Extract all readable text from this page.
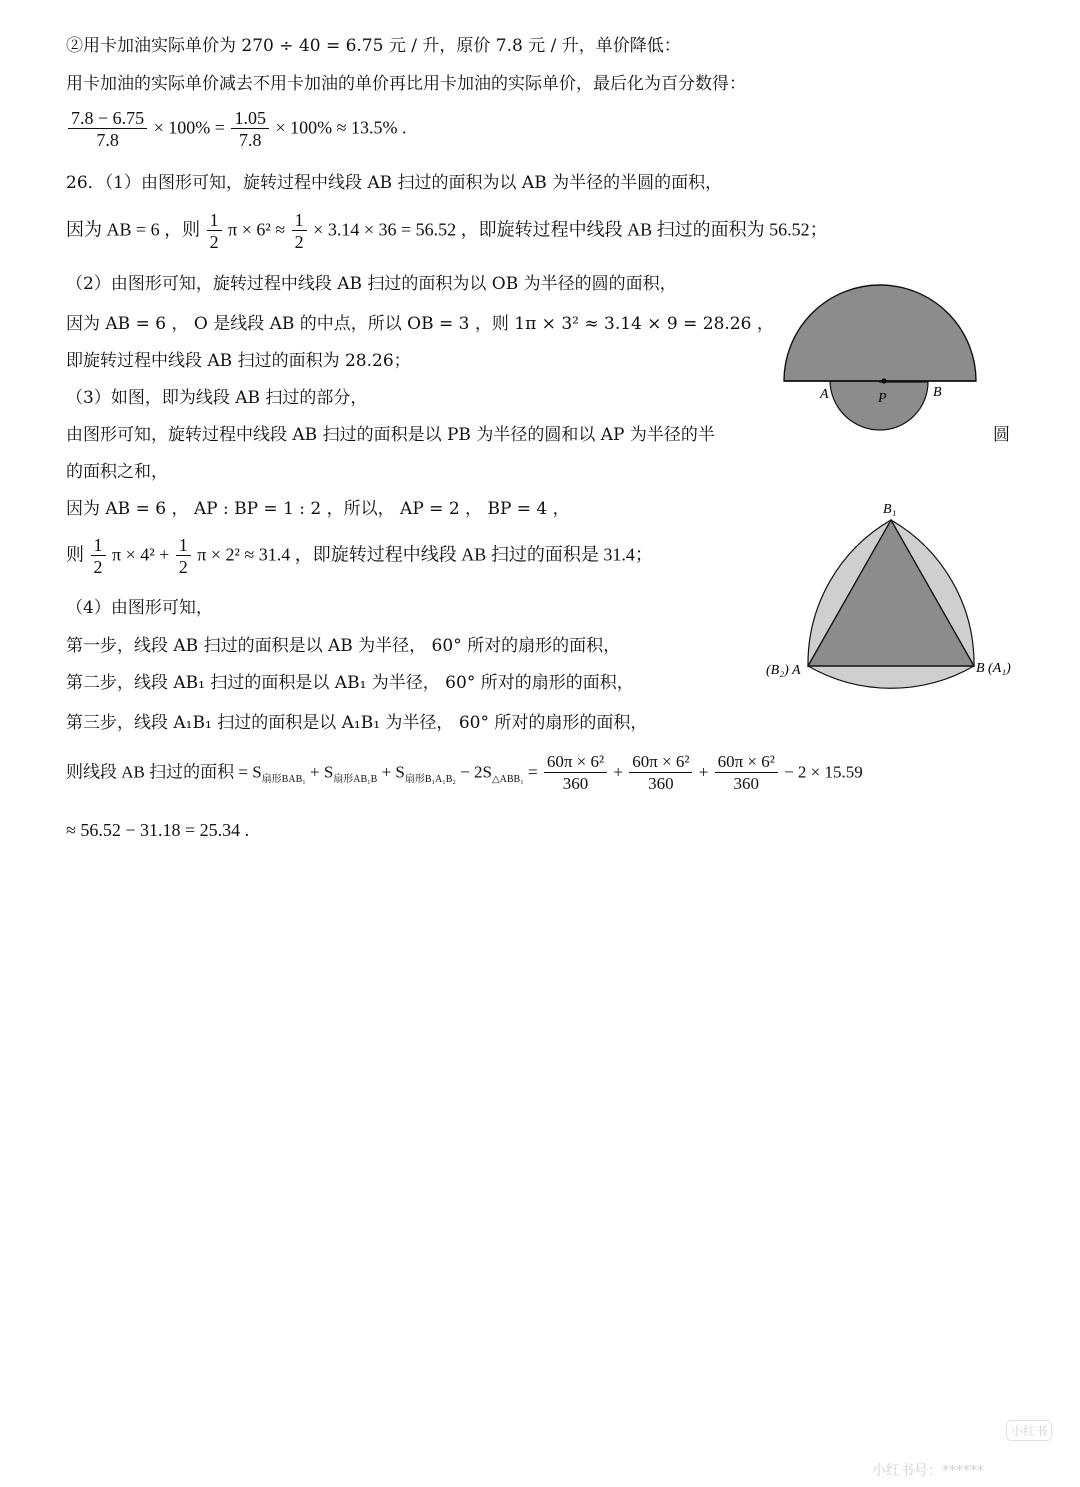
②用卡加油实际单价为 270 ÷ 40 = 6.75 元 / 升，原价 7.8 元 / 升，单价降低：
用卡加油的实际单价减去不用卡加油的单价再比用卡加油的实际单价，最后化为百分数得：
$\frac{7.8 - 6.75}{7.8} \times 100\% = \frac{1.05}{7.8} \times 100\% \approx 13.5\%$ .
26．（1）由图形可知，旋转过程中线段 AB 扫过的面积为以 AB 为半径的半圆的面积，
因为 AB = 6 ，则 $\frac{1}{2}$ $\pi \times 6^2 \approx \frac{1}{2} \times 3.14 \times 36 = 56.52$ ，即旋转过程中线段 AB 扫过的面积为 56.52；
（2）由图形可知，旋转过程中线段 AB 扫过的面积为以 OB 为半径的圆的面积，
因为 AB = 6 ， O 是线段 AB 的中点，所以 OB = 3 ，则 1π × 3² ≈ 3.14 × 9 = 28.26 ，
即旋转过程中线段 AB 扫过的面积为 28.26；
（3）如图，即为线段 AB 扫过的部分，
由图形可知，旋转过程中线段 AB 扫过的面积是以 PB 为半径的圆和以 AP 为半径的半	圆
的面积之和，
因为 AB = 6 ， AP : BP = 1 : 2 ，所以， AP = 2 ， BP = 4 ，
则 $\frac{1}{2}$ $\pi \times 4^2 + \frac{1}{2}$ π × 2² ≈ 31.4 ，即旋转过程中线段 AB 扫过的面积是 31.4；
（4）由图形可知，
第一步，线段 AB 扫过的面积是以 AB 为半径， 60° 所对的扇形的面积，
第二步，线段 AB₁ 扫过的面积是以 AB₁ 为半径， 60° 所对的扇形的面积，
第三步，线段 A₁B₁ 扫过的面积是以 A₁B₁ 为半径， 60° 所对的扇形的面积，
则线段 AB 扫过的面积 = $S_{扇形BAB_1} + S_{扇形AB_1B} + S_{扇形B_1A_1B_2} - 2S_{\triangle ABB_1} = \frac{\text{60π × 6²}}{360} + \frac{\text{60π × 6²}}{360} + \frac{\text{60π × 6²}}{360} - 2 \times 15.59$
≈ 56.52 − 31.18 = 25.34 .
A	P	B
B₁
(B₂) A	B (A₁)
小红书
小红书号：******
